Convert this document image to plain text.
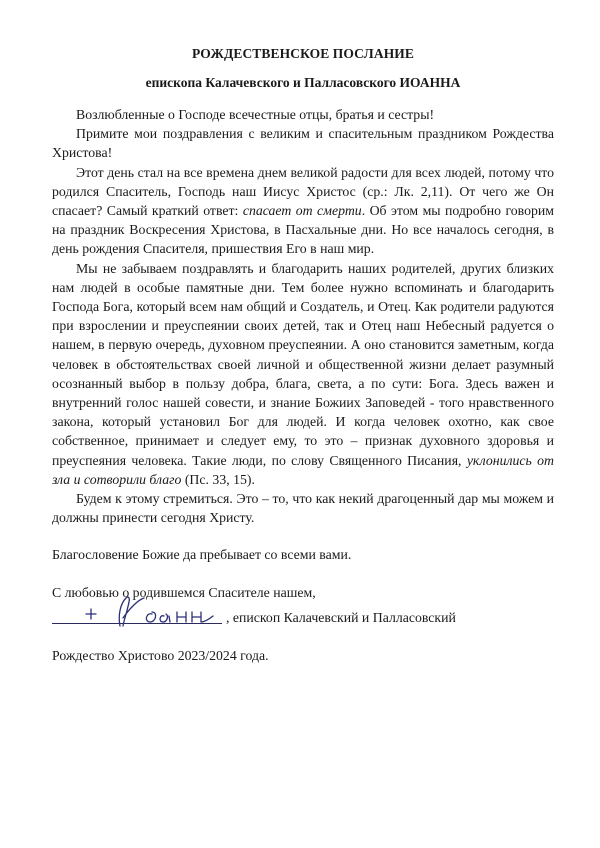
РОЖДЕСТВЕНСКОЕ ПОСЛАНИЕ
епископа Калачевского и Палласовского ИОАННА

Возлюбленные о Господе всечестные отцы, братья и сестры!

Примите мои поздравления с великим и спасительным праздником Рождества Христова!

Этот день стал на все времена днем великой радости для всех людей, потому что родился Спаситель, Господь наш Иисус Христос (ср.: Лк. 2,11). От чего же Он спасает? Самый краткий ответ: спасает от смерти. Об этом мы подробно говорим на праздник Воскресения Христова, в Пасхальные дни. Но все началось сегодня, в день рождения Спасителя, пришествия Его в наш мир.

Мы не забываем поздравлять и благодарить наших родителей, других близких нам людей в особые памятные дни. Тем более нужно вспоминать и благодарить Господа Бога, который всем нам общий и Создатель, и Отец. Как родители радуются при взрослении и преуспеянии своих детей, так и Отец наш Небесный радуется о нашем, в первую очередь, духовном преуспеянии. А оно становится заметным, когда человек в обстоятельствах своей личной и общественной жизни делает разумный осознанный выбор в пользу добра, блага, света, а по сути: Бога. Здесь важен и внутренний голос нашей совести, и знание Божиих Заповедей - того нравственного закона, который установил Бог для людей. И когда человек охотно, как свое собственное, принимает и следует ему, то это – признак духовного здоровья и преуспеяния человека. Такие люди, по слову Священного Писания, уклонились от зла и сотворили благо (Пс. 33, 15).

Будем к этому стремиться. Это – то, что как некий драгоценный дар мы можем и должны принести сегодня Христу.

Благословение Божие да пребывает со всеми вами.

С любовью о родившемся Спасителе нашем,

, епископ Калачевский и Палласовский

Рождество Христово 2023/2024 года.
